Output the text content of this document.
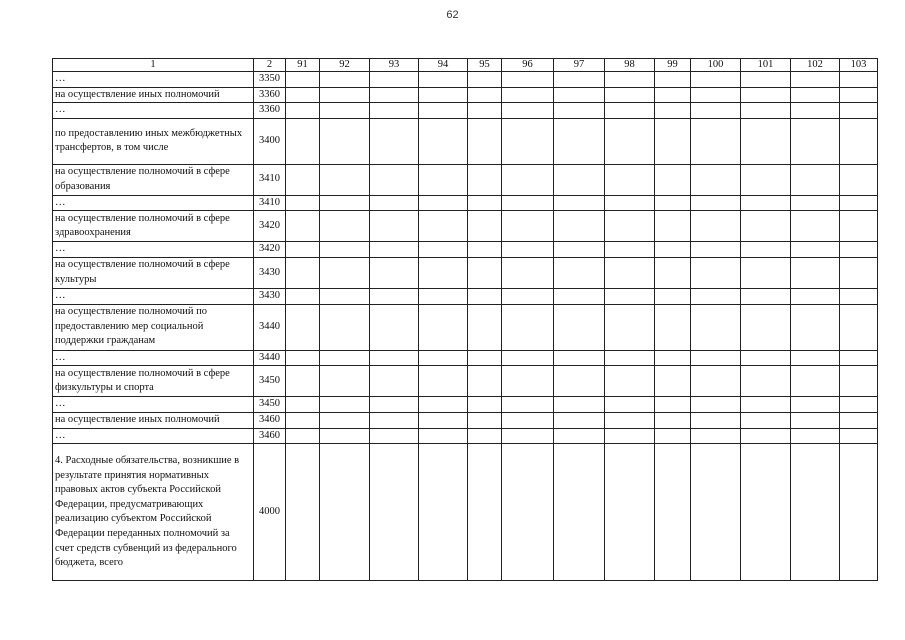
62
1	2	91	92	93	94	95	96	97	98	99	100	101	102	103
…	3350													
на осуществление иных полномочий	3360													
…	3360													
по предоставлению иных межбюджетных трансфертов, в том числе	3400													
на осуществление полномочий в сфере образования	3410													
…	3410													
на осуществление полномочий в сфере здравоохранения	3420													
…	3420													
на осуществление полномочий в сфере культуры	3430													
…	3430													
на осуществление полномочий по предоставлению мер социальной поддержки гражданам	3440													
…	3440													
на осуществление полномочий в сфере физкультуры и спорта	3450													
…	3450													
на осуществление иных полномочий	3460													
…	3460													
4. Расходные обязательства, возникшие в результате принятия нормативных правовых актов субъекта Российской Федерации, предусматривающих реализацию субъектом Российской Федерации переданных полномочий за счет средств субвенций из федерального бюджета, всего	4000													
